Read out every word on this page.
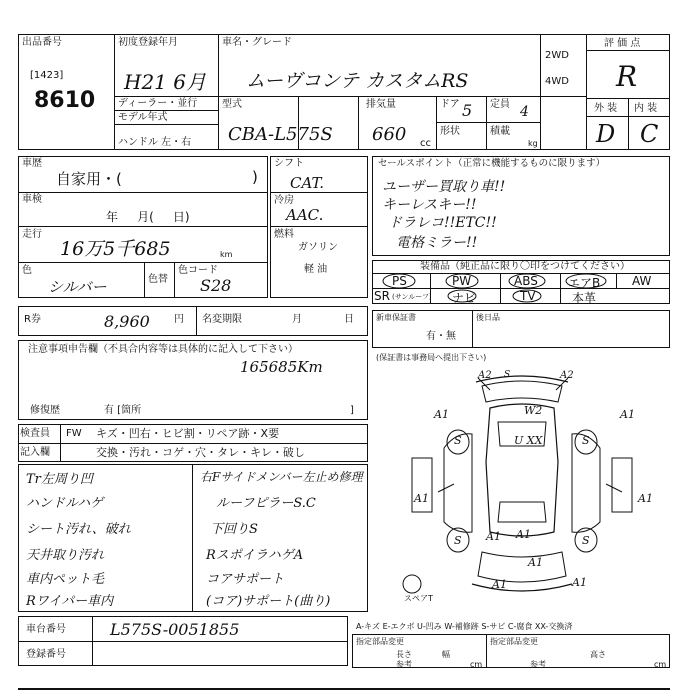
出品番号
[1423]
8610
初度登録年月
H21 6月
車名・グレード
ムーヴコンテ カスタムRS
ディーラー・並行
モデル年式
ハンドル 左・右
型式
CBA-L575S
排気量
660 cc
ドア 5 定員 4
形状	積載
kg
2WD
4WD
評 価 点
R
外 装 内 装
D C
車歴
自家用・(	)
車検
年     月(     日)
走行
16万5千685	km
色
シルバー	色替
色コード
S28
シフト
CAT.
冷房
AAC.
燃料
ガソリン
軽 油
セールスポイント（正常に機能するものに限ります）
ユーザー買取り車!!
キーレスキー!!
ドラレコ!!ETC!!
電格ミラー!!
装備品（純正品に限り〇印をつけてください）
PS	PW	ABS	エアB	AW
SR (サンルーフ) ナビ	TV	本革
R券	8,960 円 名変期限	月	日	新車保証書
有・無
後日品
注意事項申告欄（不具合内容等は具体的に記入して下さい）
165685Km
修復歴	有 [箇所	]
検査員
記入欄
FW キズ・凹右・ヒビ割・リペア跡・X要
交換・汚れ・コゲ・穴・タレ・キレ・破し
Tr左周り凹
ハンドルハゲ
シート汚れ、破れ
天井取り汚れ
車内ペット毛
Rワイパー車内
右Fサイドメンバー左止め修理
ルーフピラーS.C
下回りS
RスポイラハゲA
コアサポート
(コア)サポート(曲り)
(保証書は事務局へ提出下さい)
A2	A2
A1	A1
W2
U XX
A1	A1
A1
A1
A1	A1
S	S
S	S
S
A1
スペアT
車台番号	L575S-0051855
登録番号
A-キズ E-エクボ U-凹み W-補修跡 S-サビ C-腐食 XX-交換済
指定部品変更	指定部品変更
長さ	幅
参考	cm
高さ
参考	cm
